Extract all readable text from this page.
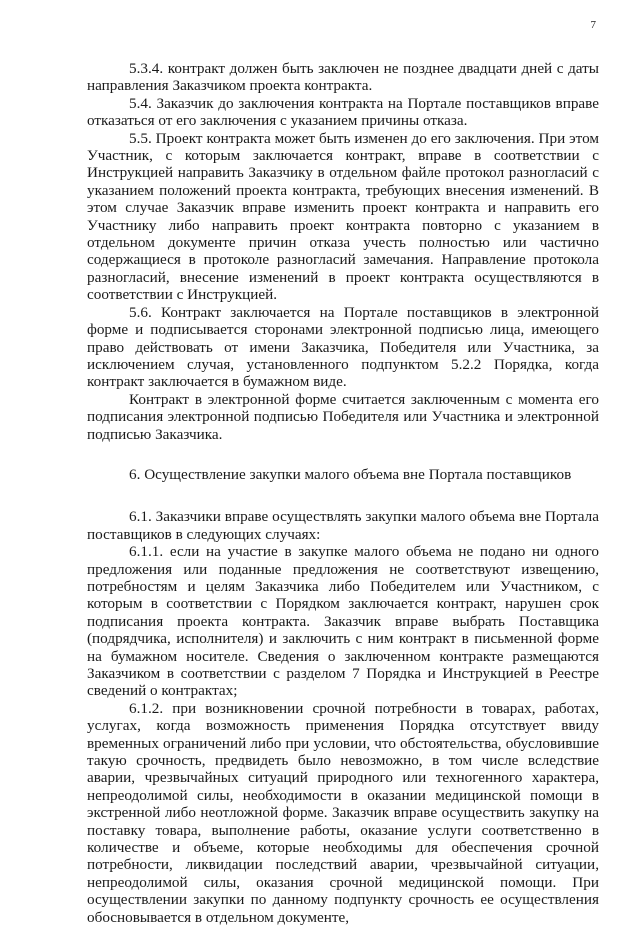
7

5.3.4. контракт должен быть заключен не позднее двадцати дней с даты направления Заказчиком проекта контракта.

5.4. Заказчик до заключения контракта на Портале поставщиков вправе отказаться от его заключения с указанием причины отказа.

5.5. Проект контракта может быть изменен до его заключения. При этом Участник, с которым заключается контракт, вправе в соответствии с Инструкцией направить Заказчику в отдельном файле протокол разногласий с указанием положений проекта контракта, требующих внесения изменений. В этом случае Заказчик вправе изменить проект контракта и направить его Участнику либо направить проект контракта повторно с указанием в отдельном документе причин отказа учесть полностью или частично содержащиеся в протоколе разногласий замечания. Направление протокола разногласий, внесение изменений в проект контракта осуществляются в соответствии с Инструкцией.

5.6. Контракт заключается на Портале поставщиков в электронной форме и подписывается сторонами электронной подписью лица, имеющего право действовать от имени Заказчика, Победителя или Участника, за исключением случая, установленного подпунктом 5.2.2 Порядка, когда контракт заключается в бумажном виде.

Контракт в электронной форме считается заключенным с момента его подписания электронной подписью Победителя или Участника и электронной подписью Заказчика.

6. Осуществление закупки малого объема вне Портала поставщиков

6.1. Заказчики вправе осуществлять закупки малого объема вне Портала поставщиков в следующих случаях:

6.1.1. если на участие в закупке малого объема не подано ни одного предложения или поданные предложения не соответствуют извещению, потребностям и целям Заказчика либо Победителем или Участником, с которым в соответствии с Порядком заключается контракт, нарушен срок подписания проекта контракта. Заказчик вправе выбрать Поставщика (подрядчика, исполнителя) и заключить с ним контракт в письменной форме на бумажном носителе. Сведения о заключенном контракте размещаются Заказчиком в соответствии с разделом 7 Порядка и Инструкцией в Реестре сведений о контрактах;

6.1.2. при возникновении срочной потребности в товарах, работах, услугах, когда возможность применения Порядка отсутствует ввиду временных ограничений либо при условии, что обстоятельства, обусловившие такую срочность, предвидеть было невозможно, в том числе вследствие аварии, чрезвычайных ситуаций природного или техногенного характера, непреодолимой силы, необходимости в оказании медицинской помощи в экстренной либо неотложной форме. Заказчик вправе осуществить закупку на поставку товара, выполнение работы, оказание услуги соответственно в количестве и объеме, которые необходимы для обеспечения срочной потребности, ликвидации последствий аварии, чрезвычайной ситуации, непреодолимой силы, оказания срочной медицинской помощи. При осуществлении закупки по данному подпункту срочность ее осуществления обосновывается в отдельном документе,
